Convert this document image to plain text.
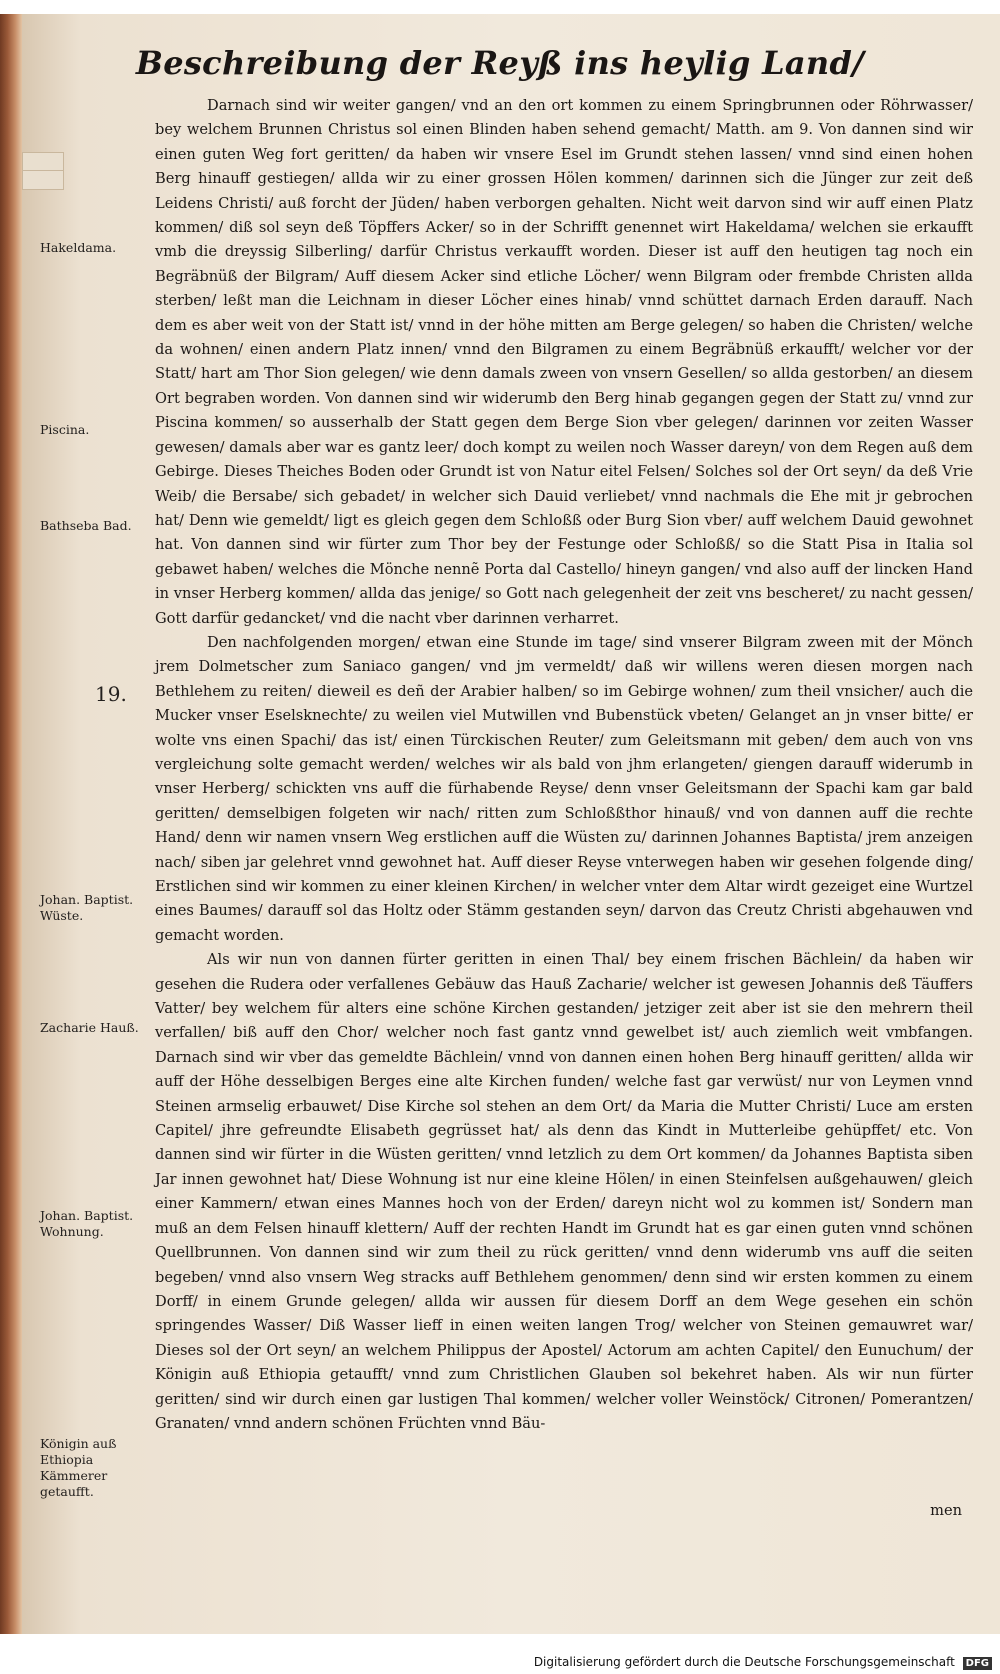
Beschreibung der Reyß ins heylig Land/

Darnach sind wir weiter gangen/ vnd an den ort kommen zu einem Springbrunnen oder Röhrwasser/ bey welchem Brunnen Christus sol einen Blinden haben sehend gemacht/ Matth. am 9. Von dannen sind wir einen guten Weg fort geritten/ da haben wir vnsere Esel im Grundt stehen lassen/ vnnd sind einen hohen Berg hinauff gestiegen/ allda wir zu einer grossen Hölen kommen/ darinnen sich die Jünger zur zeit deß Leidens Christi/ auß forcht der Jüden/ haben verborgen gehalten. Nicht weit darvon sind wir auff einen Platz kommen/ diß sol seyn deß Töpffers Acker/ so in der Schrifft genennet wirt Hakeldama/ welchen sie erkaufft vmb die dreyssig Silberling/ darfür Christus verkaufft worden. Dieser ist auff den heutigen tag noch ein Begräbnüß der Bilgram/ Auff diesem Acker sind etliche Löcher/ wenn Bilgram oder frembde Christen allda sterben/ leßt man die Leichnam in dieser Löcher eines hinab/ vnnd schüttet darnach Erden darauff. Nach dem es aber weit von der Statt ist/ vnnd in der höhe mitten am Berge gelegen/ so haben die Christen/ welche da wohnen/ einen andern Platz innen/ vnnd den Bilgramen zu einem Begräbnüß erkaufft/ welcher vor der Statt/ hart am Thor Sion gelegen/ wie denn damals zween von vnsern Gesellen/ so allda gestorben/ an diesem Ort begraben worden. Von dannen sind wir widerumb den Berg hinab gegangen gegen der Statt zu/ vnnd zur Piscina kommen/ so ausserhalb der Statt gegen dem Berge Sion vber gelegen/ darinnen vor zeiten Wasser gewesen/ damals aber war es gantz leer/ doch kompt zu weilen noch Wasser dareyn/ von dem Regen auß dem Gebirge. Dieses Theiches Boden oder Grundt ist von Natur eitel Felsen/ Solches sol der Ort seyn/ da deß Vrie Weib/ die Bersabe/ sich gebadet/ in welcher sich Dauid verliebet/ vnnd nachmals die Ehe mit jr gebrochen hat/ Denn wie gemeldt/ ligt es gleich gegen dem Schloßß oder Burg Sion vber/ auff welchem Dauid gewohnet hat. Von dannen sind wir fürter zum Thor bey der Festunge oder Schloßß/ so die Statt Pisa in Italia sol gebawet haben/ welches die Mönche nennẽ Porta dal Castello/ hineyn gangen/ vnd also auff der lincken Hand in vnser Herberg kommen/ allda das jenige/ so Gott nach gelegenheit der zeit vns bescheret/ zu nacht gessen/ Gott darfür gedancket/ vnd die nacht vber darinnen verharret.

Den nachfolgenden morgen/ etwan eine Stunde im tage/ sind vnserer Bilgram zween mit der Mönch jrem Dolmetscher zum Saniaco gangen/ vnd jm vermeldt/ daß wir willens weren diesen morgen nach Bethlehem zu reiten/ dieweil es deñ der Arabier halben/ so im Gebirge wohnen/ zum theil vnsicher/ auch die Mucker vnser Eselsknechte/ zu weilen viel Mutwillen vnd Bubenstück vbeten/ Gelanget an jn vnser bitte/ er wolte vns einen Spachi/ das ist/ einen Türckischen Reuter/ zum Geleitsmann mit geben/ dem auch von vns vergleichung solte gemacht werden/ welches wir als bald von jhm erlangeten/ giengen darauff widerumb in vnser Herberg/ schickten vns auff die fürhabende Reyse/ denn vnser Geleitsmann der Spachi kam gar bald geritten/ demselbigen folgeten wir nach/ ritten zum Schloßßthor hinauß/ vnd von dannen auff die rechte Hand/ denn wir namen vnsern Weg erstlichen auff die Wüsten zu/ darinnen Johannes Baptista/ jrem anzeigen nach/ siben jar gelehret vnnd gewohnet hat. Auff dieser Reyse vnterwegen haben wir gesehen folgende ding/ Erstlichen sind wir kommen zu einer kleinen Kirchen/ in welcher vnter dem Altar wirdt gezeiget eine Wurtzel eines Baumes/ darauff sol das Holtz oder Stämm gestanden seyn/ darvon das Creutz Christi abgehauwen vnd gemacht worden.

Als wir nun von dannen fürter geritten in einen Thal/ bey einem frischen Bächlein/ da haben wir gesehen die Rudera oder verfallenes Gebäuw das Hauß Zacharie/ welcher ist gewesen Johannis deß Täuffers Vatter/ bey welchem für alters eine schöne Kirchen gestanden/ jetziger zeit aber ist sie den mehrern theil verfallen/ biß auff den Chor/ welcher noch fast gantz vnnd gewelbet ist/ auch ziemlich weit vmbfangen. Darnach sind wir vber das gemeldte Bächlein/ vnnd von dannen einen hohen Berg hinauff geritten/ allda wir auff der Höhe desselbigen Berges eine alte Kirchen funden/ welche fast gar verwüst/ nur von Leymen vnnd Steinen armselig erbauwet/ Dise Kirche sol stehen an dem Ort/ da Maria die Mutter Christi/ Luce am ersten Capitel/ jhre gefreundte Elisabeth gegrüsset hat/ als denn das Kindt in Mutterleibe gehüpffet/ etc. Von dannen sind wir fürter in die Wüsten geritten/ vnnd letzlich zu dem Ort kommen/ da Johannes Baptista siben Jar innen gewohnet hat/ Diese Wohnung ist nur eine kleine Hölen/ in einen Steinfelsen außgehauwen/ gleich einer Kammern/ etwan eines Mannes hoch von der Erden/ dareyn nicht wol zu kommen ist/ Sondern man muß an dem Felsen hinauff klettern/ Auff der rechten Handt im Grundt hat es gar einen guten vnnd schönen Quellbrunnen. Von dannen sind wir zum theil zu rück geritten/ vnnd denn widerumb vns auff die seiten begeben/ vnnd also vnsern Weg stracks auff Bethlehem genommen/ denn sind wir ersten kommen zu einem Dorff/ in einem Grunde gelegen/ allda wir aussen für diesem Dorff an dem Wege gesehen ein schön springendes Wasser/ Diß Wasser lieff in einen weiten langen Trog/ welcher von Steinen gemauwret war/ Dieses sol der Ort seyn/ an welchem Philippus der Apostel/ Actorum am achten Capitel/ den Eunuchum/ der Königin auß Ethiopia getaufft/ vnnd zum Christlichen Glauben sol bekehret haben. Als wir nun fürter geritten/ sind wir durch einen gar lustigen Thal kommen/ welcher voller Weinstöck/ Citronen/ Pomerantzen/ Granaten/ vnnd andern schönen Früchten vnnd Bäu-

Hakeldama.
Piscina.
Bathseba Bad.
19.
Johan. Baptist. Wüste.
Zacharie Hauß.
Johan. Baptist. Wohnung.
Königin auß Ethiopia Kämmerer getaufft.
men
Digitalisierung gefördert durch die Deutsche Forschungsgemeinschaft DFG
